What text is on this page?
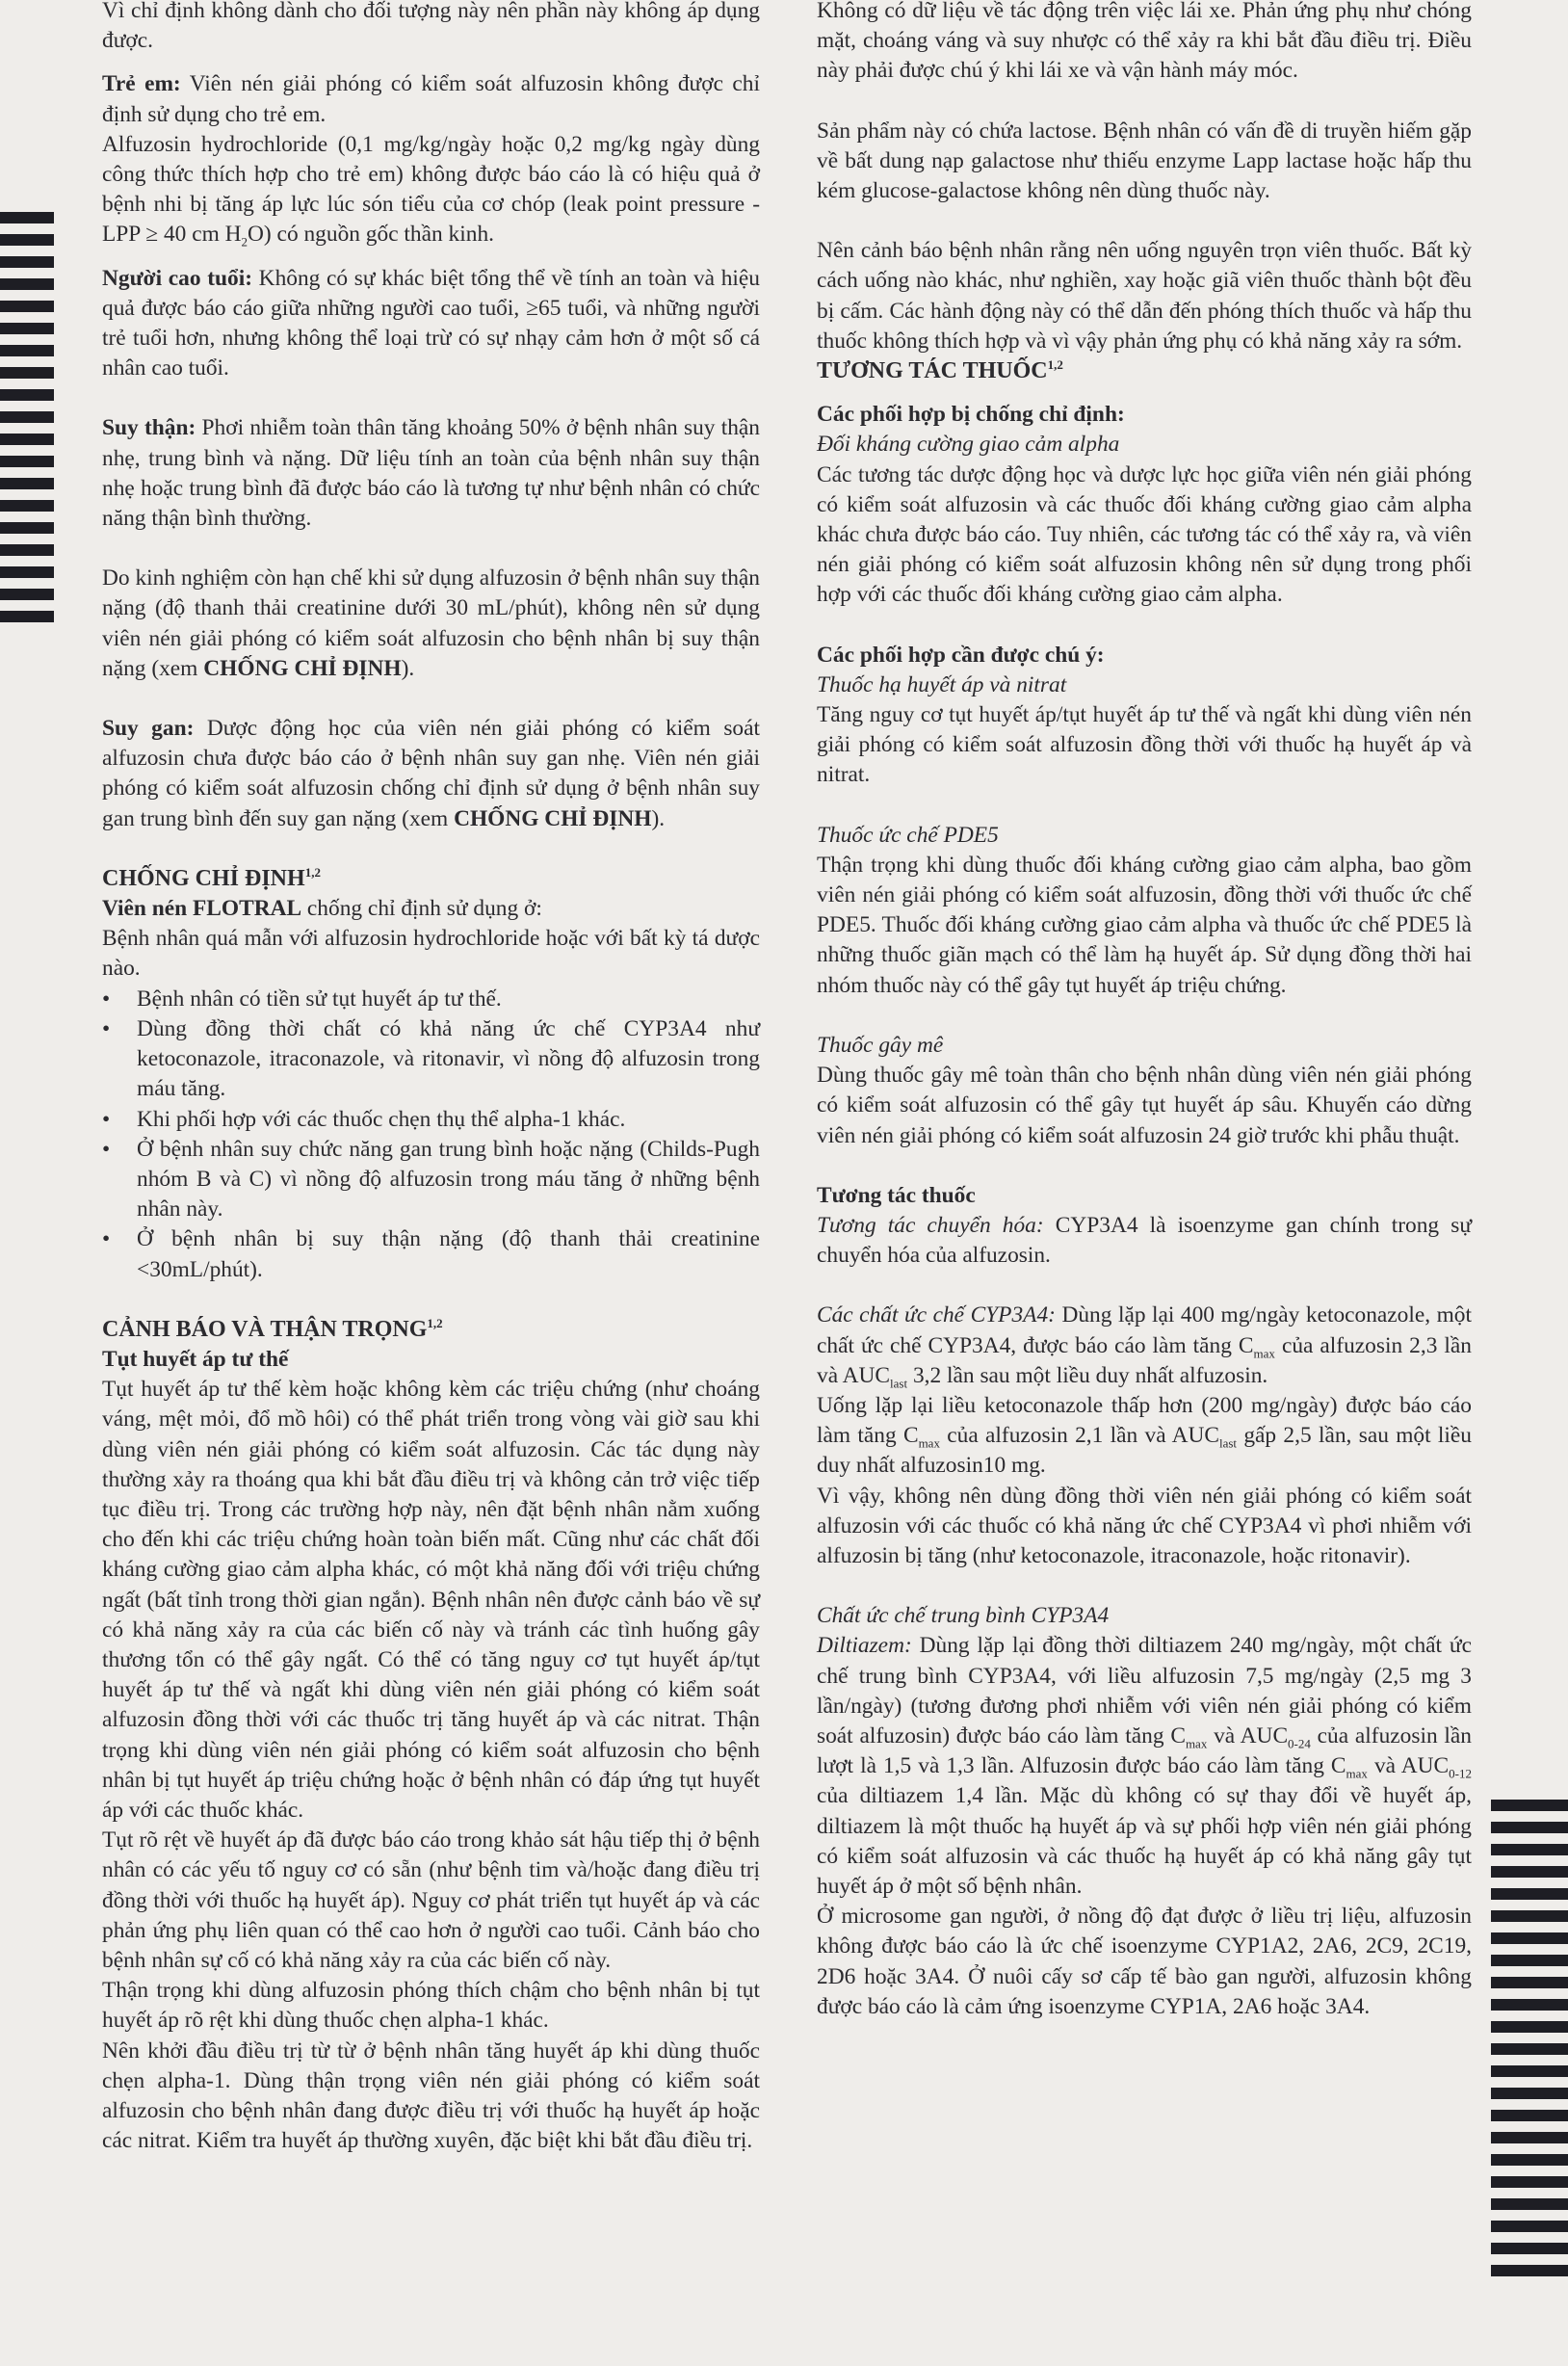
Vì chỉ định không dành cho đối tượng này nên phần này không áp dụng được.

Trẻ em: Viên nén giải phóng có kiểm soát alfuzosin không được chỉ định sử dụng cho trẻ em.

Alfuzosin hydrochloride (0,1 mg/kg/ngày hoặc 0,2 mg/kg ngày dùng công thức thích hợp cho trẻ em) không được báo cáo là có hiệu quả ở bệnh nhi bị tăng áp lực lúc són tiểu của cơ chóp (leak point pressure - LPP ≥ 40 cm $H_2O$) có nguồn gốc thần kinh.

Người cao tuổi: Không có sự khác biệt tổng thể về tính an toàn và hiệu quả được báo cáo giữa những người cao tuổi, ≥65 tuổi, và những người trẻ tuổi hơn, nhưng không thể loại trừ có sự nhạy cảm hơn ở một số cá nhân cao tuổi.

Suy thận: Phơi nhiễm toàn thân tăng khoảng 50% ở bệnh nhân suy thận nhẹ, trung bình và nặng. Dữ liệu tính an toàn của bệnh nhân suy thận nhẹ hoặc trung bình đã được báo cáo là tương tự như bệnh nhân có chức năng thận bình thường.

Do kinh nghiệm còn hạn chế khi sử dụng alfuzosin ở bệnh nhân suy thận nặng (độ thanh thải creatinine dưới 30 mL/phút), không nên sử dụng viên nén giải phóng có kiểm soát alfuzosin cho bệnh nhân bị suy thận nặng (xem CHỐNG CHỈ ĐỊNH).

Suy gan: Dược động học của viên nén giải phóng có kiểm soát alfuzosin chưa được báo cáo ở bệnh nhân suy gan nhẹ. Viên nén giải phóng có kiểm soát alfuzosin chống chỉ định sử dụng ở bệnh nhân suy gan trung bình đến suy gan nặng (xem CHỐNG CHỈ ĐỊNH).

CHỐNG CHỈ ĐỊNH$^{1,2}$

Viên nén FLOTRAL chống chỉ định sử dụng ở:

Bệnh nhân quá mẫn với alfuzosin hydrochloride hoặc với bất kỳ tá dược nào.

• Bệnh nhân có tiền sử tụt huyết áp tư thế.
• Dùng đồng thời chất có khả năng ức chế CYP3A4 như ketoconazole, itraconazole, và ritonavir, vì nồng độ alfuzosin trong máu tăng.
• Khi phối hợp với các thuốc chẹn thụ thể alpha-1 khác.
• Ở bệnh nhân suy chức năng gan trung bình hoặc nặng (Childs-Pugh nhóm B và C) vì nồng độ alfuzosin trong máu tăng ở những bệnh nhân này.
• Ở bệnh nhân bị suy thận nặng (độ thanh thải creatinine <30mL/phút).

CẢNH BÁO VÀ THẬN TRỌNG$^{1,2}$

Tụt huyết áp tư thế

Tụt huyết áp tư thế kèm hoặc không kèm các triệu chứng (như choáng váng, mệt mỏi, đổ mồ hôi) có thể phát triển trong vòng vài giờ sau khi dùng viên nén giải phóng có kiểm soát alfuzosin. Các tác dụng này thường xảy ra thoáng qua khi bắt đầu điều trị và không cản trở việc tiếp tục điều trị. Trong các trường hợp này, nên đặt bệnh nhân nằm xuống cho đến khi các triệu chứng hoàn toàn biến mất. Cũng như các chất đối kháng cường giao cảm alpha khác, có một khả năng đối với triệu chứng ngất (bất tỉnh trong thời gian ngắn). Bệnh nhân nên được cảnh báo về sự có khả năng xảy ra của các biến cố này và tránh các tình huống gây thương tổn có thể gây ngất. Có thể có tăng nguy cơ tụt huyết áp/tụt huyết áp tư thế và ngất khi dùng viên nén giải phóng có kiểm soát alfuzosin đồng thời với các thuốc trị tăng huyết áp và các nitrat. Thận trọng khi dùng viên nén giải phóng có kiểm soát alfuzosin cho bệnh nhân bị tụt huyết áp triệu chứng hoặc ở bệnh nhân có đáp ứng tụt huyết áp với các thuốc khác.

Tụt rõ rệt về huyết áp đã được báo cáo trong khảo sát hậu tiếp thị ở bệnh nhân có các yếu tố nguy cơ có sẵn (như bệnh tim và/hoặc đang điều trị đồng thời với thuốc hạ huyết áp). Nguy cơ phát triển tụt huyết áp và các phản ứng phụ liên quan có thể cao hơn ở người cao tuổi. Cảnh báo cho bệnh nhân sự cố có khả năng xảy ra của các biến cố này.

Thận trọng khi dùng alfuzosin phóng thích chậm cho bệnh nhân bị tụt huyết áp rõ rệt khi dùng thuốc chẹn alpha-1 khác.

Nên khởi đầu điều trị từ từ ở bệnh nhân tăng huyết áp khi dùng thuốc chẹn alpha-1. Dùng thận trọng viên nén giải phóng có kiểm soát alfuzosin cho bệnh nhân đang được điều trị với thuốc hạ huyết áp hoặc các nitrat. Kiểm tra huyết áp thường xuyên, đặc biệt khi bắt đầu điều trị.

Không có dữ liệu về tác động trên việc lái xe. Phản ứng phụ như chóng mặt, choáng váng và suy nhược có thể xảy ra khi bắt đầu điều trị. Điều này phải được chú ý khi lái xe và vận hành máy móc.

Sản phẩm này có chứa lactose. Bệnh nhân có vấn đề di truyền hiếm gặp về bất dung nạp galactose như thiếu enzyme Lapp lactase hoặc hấp thu kém glucose-galactose không nên dùng thuốc này.

Nên cảnh báo bệnh nhân rằng nên uống nguyên trọn viên thuốc. Bất kỳ cách uống nào khác, như nghiền, xay hoặc giã viên thuốc thành bột đều bị cấm. Các hành động này có thể dẫn đến phóng thích thuốc và hấp thu thuốc không thích hợp và vì vậy phản ứng phụ có khả năng xảy ra sớm.

TƯƠNG TÁC THUỐC$^{1,2}$

Các phối hợp bị chống chỉ định:

Đối kháng cường giao cảm alpha

Các tương tác dược động học và dược lực học giữa viên nén giải phóng có kiểm soát alfuzosin và các thuốc đối kháng cường giao cảm alpha khác chưa được báo cáo. Tuy nhiên, các tương tác có thể xảy ra, và viên nén giải phóng có kiểm soát alfuzosin không nên sử dụng trong phối hợp với các thuốc đối kháng cường giao cảm alpha.

Các phối hợp cần được chú ý:

Thuốc hạ huyết áp và nitrat

Tăng nguy cơ tụt huyết áp/tụt huyết áp tư thế và ngất khi dùng viên nén giải phóng có kiểm soát alfuzosin đồng thời với thuốc hạ huyết áp và nitrat.

Thuốc ức chế PDE5

Thận trọng khi dùng thuốc đối kháng cường giao cảm alpha, bao gồm viên nén giải phóng có kiểm soát alfuzosin, đồng thời với thuốc ức chế PDE5. Thuốc đối kháng cường giao cảm alpha và thuốc ức chế PDE5 là những thuốc giãn mạch có thể làm hạ huyết áp. Sử dụng đồng thời hai nhóm thuốc này có thể gây tụt huyết áp triệu chứng.

Thuốc gây mê

Dùng thuốc gây mê toàn thân cho bệnh nhân dùng viên nén giải phóng có kiểm soát alfuzosin có thể gây tụt huyết áp sâu. Khuyến cáo dừng viên nén giải phóng có kiểm soát alfuzosin 24 giờ trước khi phẫu thuật.

Tương tác thuốc

Tương tác chuyển hóa: CYP3A4 là isoenzyme gan chính trong sự chuyển hóa của alfuzosin.

Các chất ức chế CYP3A4: Dùng lặp lại 400 mg/ngày ketoconazole, một chất ức chế CYP3A4, được báo cáo làm tăng $C_{max}$ của alfuzosin 2,3 lần và $AUC_{last}$ 3,2 lần sau một liều duy nhất alfuzosin.

Uống lặp lại liều ketoconazole thấp hơn (200 mg/ngày) được báo cáo làm tăng $C_{max}$ của alfuzosin 2,1 lần và $AUC_{last}$ gấp 2,5 lần, sau một liều duy nhất alfuzosin10 mg.

Vì vậy, không nên dùng đồng thời viên nén giải phóng có kiểm soát alfuzosin với các thuốc có khả năng ức chế CYP3A4 vì phơi nhiễm với alfuzosin bị tăng (như ketoconazole, itraconazole, hoặc ritonavir).

Chất ức chế trung bình CYP3A4

Diltiazem: Dùng lặp lại đồng thời diltiazem 240 mg/ngày, một chất ức chế trung bình CYP3A4, với liều alfuzosin 7,5 mg/ngày (2,5 mg 3 lần/ngày) (tương đương phơi nhiễm với viên nén giải phóng có kiểm soát alfuzosin) được báo cáo làm tăng $C_{max}$ và $AUC_{0-24}$ của alfuzosin lần lượt là 1,5 và 1,3 lần. Alfuzosin được báo cáo làm tăng $C_{max}$ và $AUC_{0-12}$ của diltiazem 1,4 lần. Mặc dù không có sự thay đổi về huyết áp, diltiazem là một thuốc hạ huyết áp và sự phối hợp viên nén giải phóng có kiểm soát alfuzosin và các thuốc hạ huyết áp có khả năng gây tụt huyết áp ở một số bệnh nhân.

Ở microsome gan người, ở nồng độ đạt được ở liều trị liệu, alfuzosin không được báo cáo là ức chế isoenzyme CYP1A2, 2A6, 2C9, 2C19, 2D6 hoặc 3A4. Ở nuôi cấy sơ cấp tế bào gan người, alfuzosin không được báo cáo là cảm ứng isoenzyme CYP1A, 2A6 hoặc 3A4.
